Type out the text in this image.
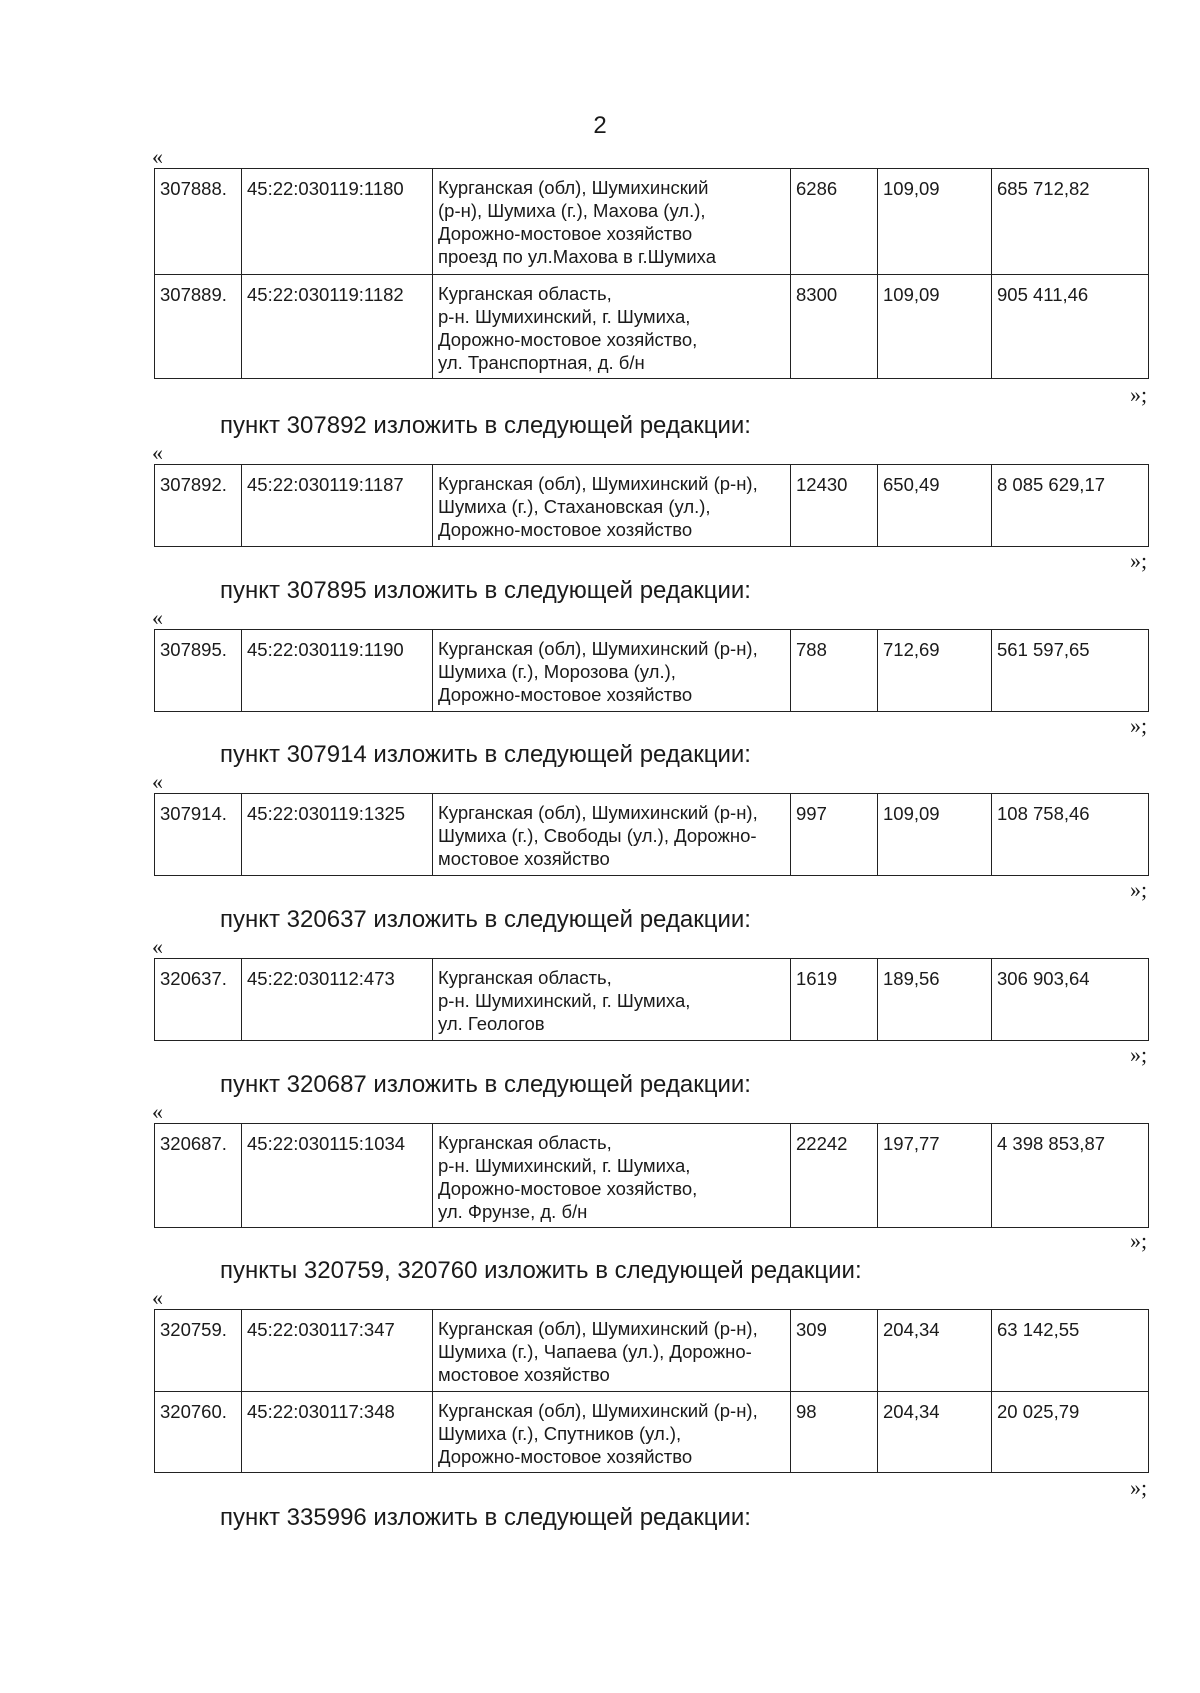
2
«
307888.	45:22:030119:1180	Курганская (обл), Шумихинский
(р-н), Шумиха (г.), Махова (ул.),
Дорожно-мостовое хозяйство
проезд по ул.Махова в г.Шумиха	6286	109,09	685 712,82
307889.	45:22:030119:1182	Курганская область,
р-н. Шумихинский, г. Шумиха,
Дорожно-мостовое хозяйство,
ул. Транспортная, д. б/н	8300	109,09	905 411,46
»;
пункт 307892 изложить в следующей редакции:
«
307892.	45:22:030119:1187	Курганская (обл), Шумихинский (р-н),
Шумиха (г.), Стахановская (ул.),
Дорожно-мостовое хозяйство	12430	650,49	8 085 629,17
»;
пункт 307895 изложить в следующей редакции:
«
307895.	45:22:030119:1190	Курганская (обл), Шумихинский (р-н),
Шумиха (г.), Морозова (ул.),
Дорожно-мостовое хозяйство	788	712,69	561 597,65
»;
пункт 307914 изложить в следующей редакции:
«
307914.	45:22:030119:1325	Курганская (обл), Шумихинский (р-н),
Шумиха (г.), Свободы (ул.), Дорожно-
мостовое хозяйство	997	109,09	108 758,46
»;
пункт 320637 изложить в следующей редакции:
«
320637.	45:22:030112:473	Курганская область,
р-н. Шумихинский, г. Шумиха,
ул. Геологов	1619	189,56	306 903,64
»;
пункт 320687 изложить в следующей редакции:
«
320687.	45:22:030115:1034	Курганская область,
р-н. Шумихинский, г. Шумиха,
Дорожно-мостовое хозяйство,
ул. Фрунзе, д. б/н	22242	197,77	4 398 853,87
»;
пункты 320759, 320760 изложить в следующей редакции:
«
320759.	45:22:030117:347	Курганская (обл), Шумихинский (р-н),
Шумиха (г.), Чапаева (ул.), Дорожно-
мостовое хозяйство	309	204,34	63 142,55
320760.	45:22:030117:348	Курганская (обл), Шумихинский (р-н),
Шумиха (г.), Спутников (ул.),
Дорожно-мостовое хозяйство	98	204,34	20 025,79
»;
пункт 335996 изложить в следующей редакции:
